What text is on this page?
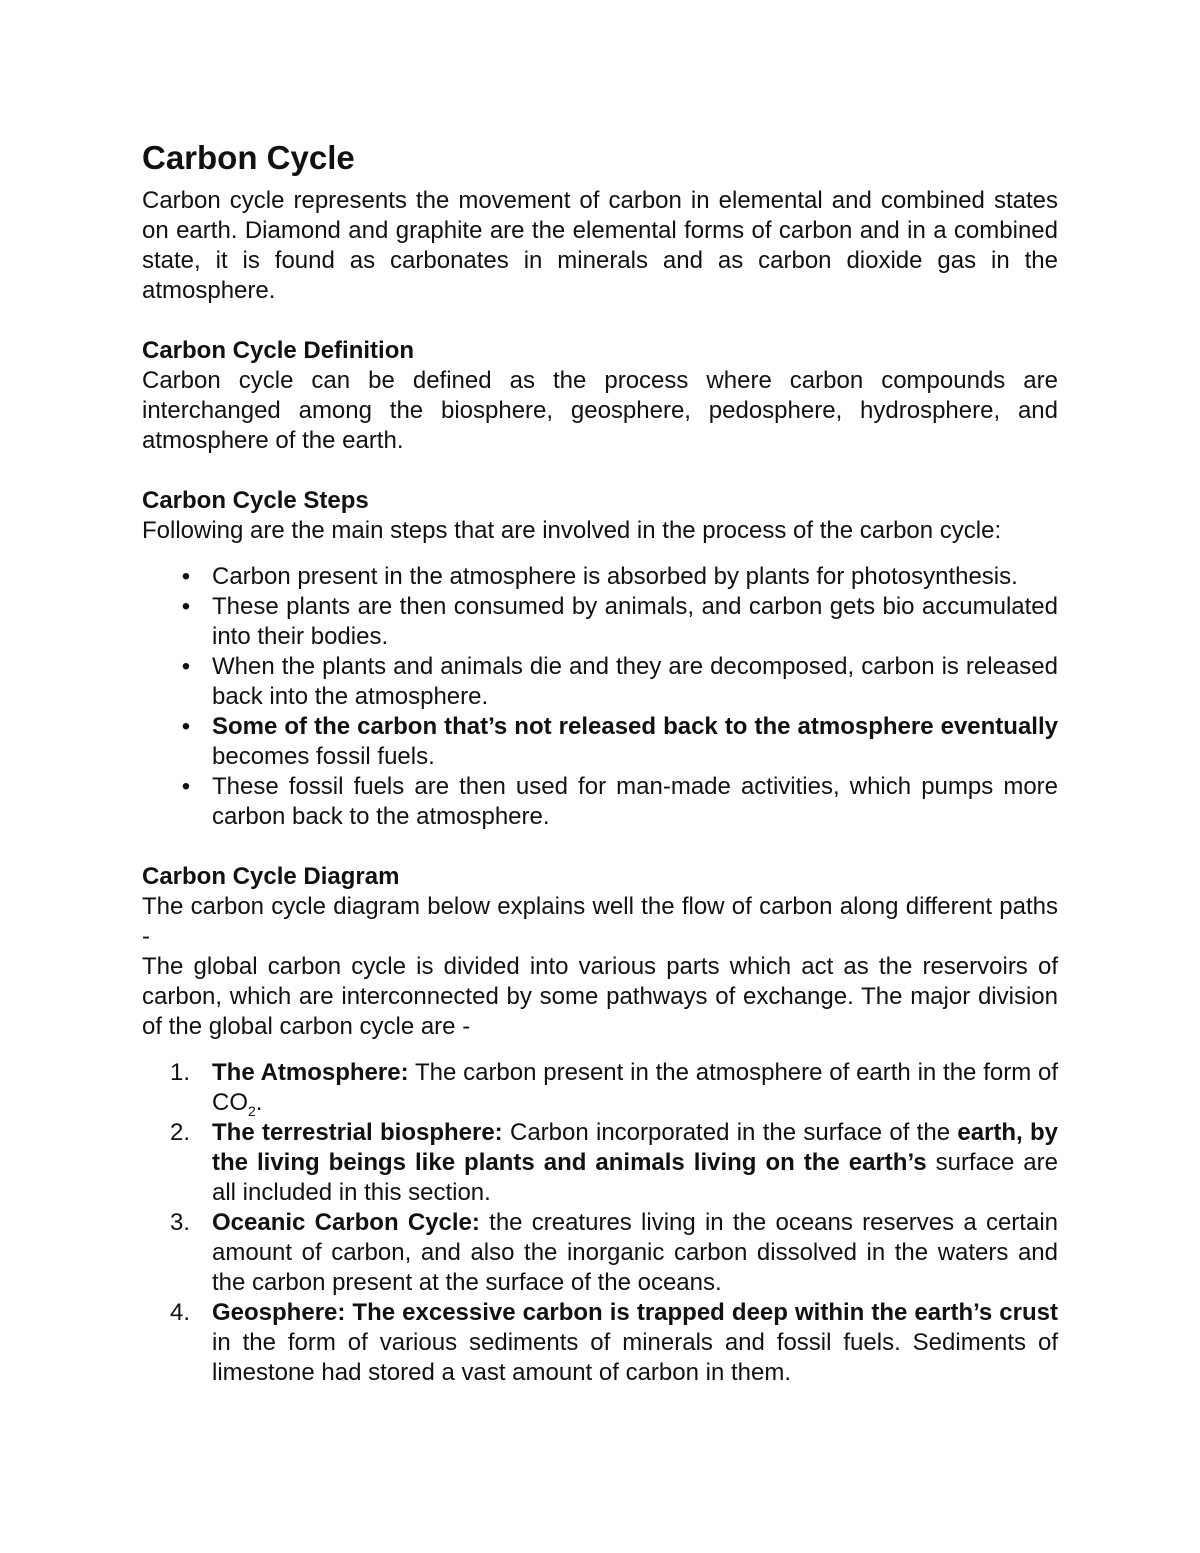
Carbon Cycle

Carbon cycle represents the movement of carbon in elemental and combined states on earth. Diamond and graphite are the elemental forms of carbon and in a combined state, it is found as carbonates in minerals and as carbon dioxide gas in the atmosphere.

Carbon Cycle Definition

Carbon cycle can be defined as the process where carbon compounds are interchanged among the biosphere, geosphere, pedosphere, hydrosphere, and atmosphere of the earth.

Carbon Cycle Steps

Following are the main steps that are involved in the process of the carbon cycle:

• Carbon present in the atmosphere is absorbed by plants for photosynthesis.
• These plants are then consumed by animals, and carbon gets bio accumulated into their bodies.
• When the plants and animals die and they are decomposed, carbon is released back into the atmosphere.
• Some of the carbon that’s not released back to the atmosphere eventually becomes fossil fuels.
• These fossil fuels are then used for man-made activities, which pumps more carbon back to the atmosphere.
Carbon Cycle Diagram

The carbon cycle diagram below explains well the flow of carbon along different paths -

The global carbon cycle is divided into various parts which act as the reservoirs of carbon, which are interconnected by some pathways of exchange. The major division of the global carbon cycle are -

1. The Atmosphere: The carbon present in the atmosphere of earth in the form of $CO_2$.
2. The terrestrial biosphere: Carbon incorporated in the surface of the earth, by the living beings like plants and animals living on the earth’s surface are all included in this section.
3. Oceanic Carbon Cycle: the creatures living in the oceans reserves a certain amount of carbon, and also the inorganic carbon dissolved in the waters and the carbon present at the surface of the oceans.
4. Geosphere: The excessive carbon is trapped deep within the earth’s crust in the form of various sediments of minerals and fossil fuels. Sediments of limestone had stored a vast amount of carbon in them.
